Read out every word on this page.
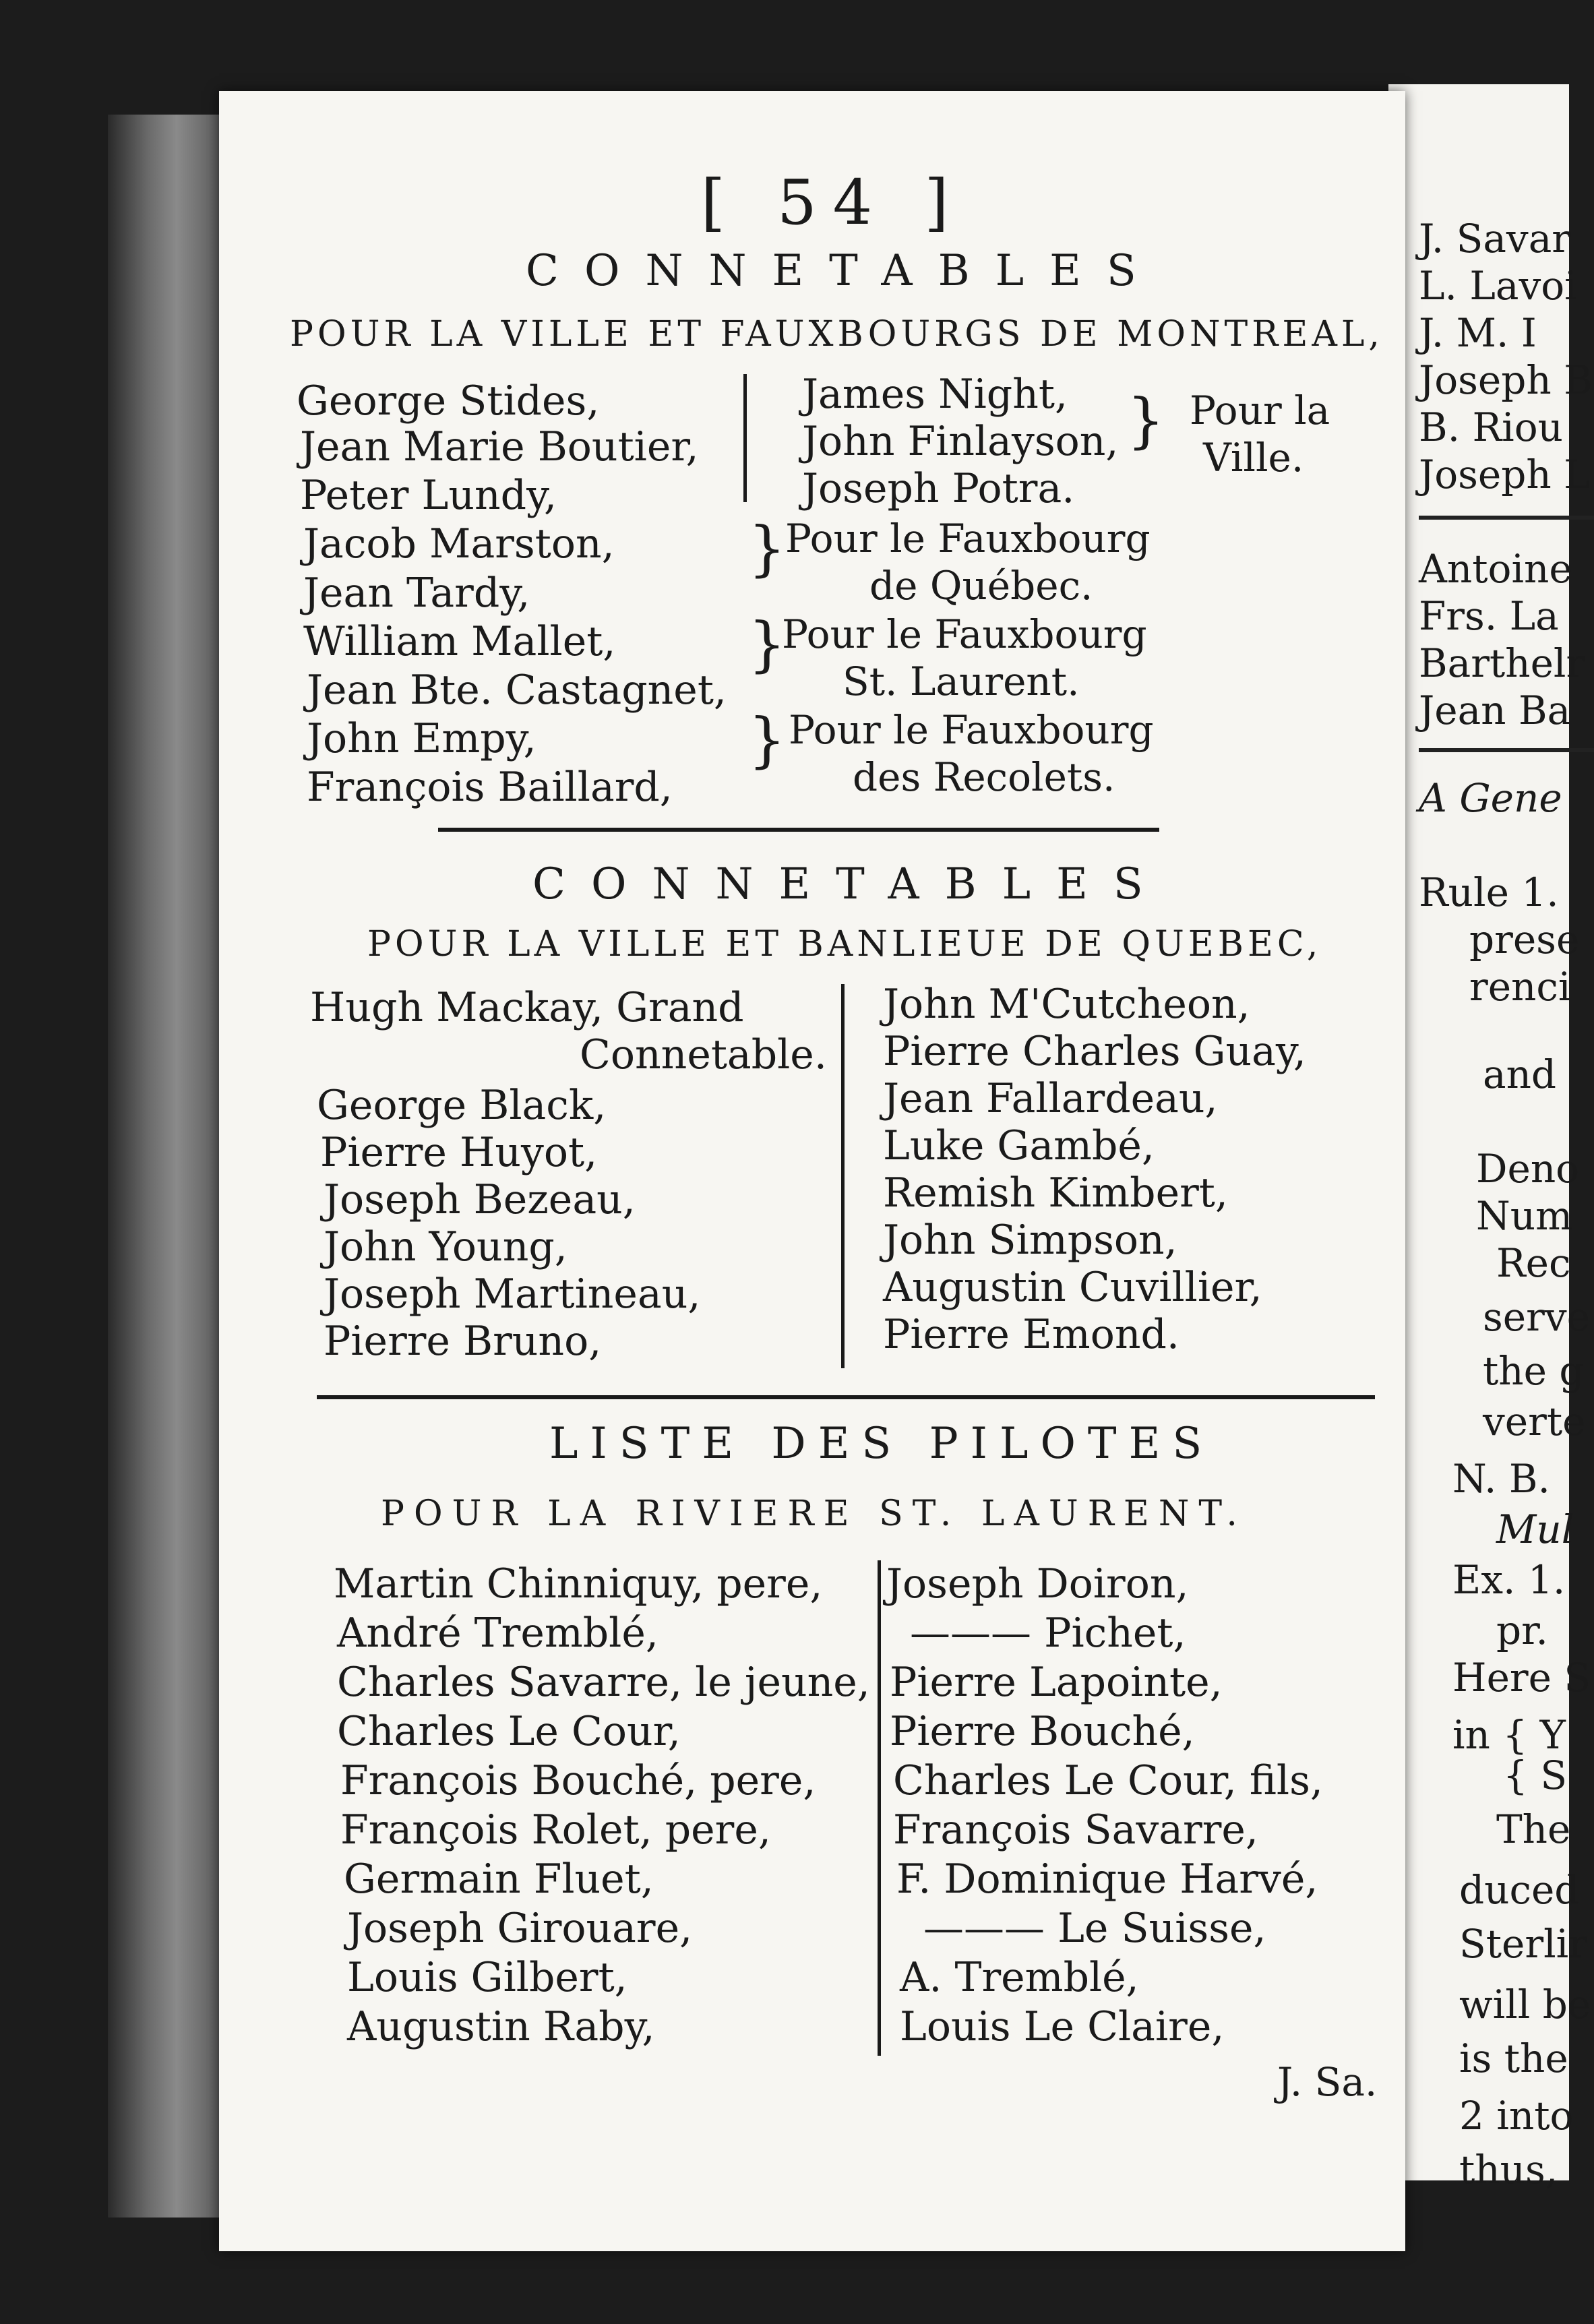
J. Savar
L. Lavoi
J. M. I
Joseph B
B. Riou
Joseph L
Antoine
Frs. La
Barthelr
Jean Ba
A Gene
Rule 1.
prese
renci
and
Deno
Num
Rec
serve
the g
verte
N. B.
Mul
Ex. 1.
pr.
Here S
in { Y
{ S
The
duced
Sterlir
will be
is the
2 into
thus,
[ 54 ]
CONNETABLES
POUR LA VILLE ET FAUXBOURGS DE MONTREAL,
George Stides,
Jean Marie Boutier,
Peter Lundy,
Jacob Marston,
Jean Tardy,
William Mallet,
Jean Bte. Castagnet,
John Empy,
François Baillard,
James Night,
John Finlayson,
Joseph Potra.
} Pour la
Ville.
} Pour le Fauxbourg
de Québec.
}
Pour le Fauxbourg
St. Laurent.
} Pour le Fauxbourg
des Recolets.
CONNETABLES
POUR LA VILLE ET BANLIEUE DE QUEBEC,
Hugh Mackay, Grand
Connetable.
George Black,
Pierre Huyot,
Joseph Bezeau,
John Young,
Joseph Martineau,
Pierre Bruno,
John M'Cutcheon,
Pierre Charles Guay,
Jean Fallardeau,
Luke Gambé,
Remish Kimbert,
John Simpson,
Augustin Cuvillier,
Pierre Emond.
LISTE DES PILOTES
POUR LA RIVIERE ST. LAURENT.
Martin Chinniquy, pere,
André Tremblé,
Charles Savarre, le jeune,
Charles Le Cour,
François Bouché, pere,
François Rolet, pere,
Germain Fluet,
Joseph Girouare,
Louis Gilbert,
Augustin Raby,
Joseph Doiron,
——— Pichet,
Pierre Lapointe,
Pierre Bouché,
Charles Le Cour, fils,
François Savarre,
F. Dominique Harvé,
——— Le Suisse,
A. Tremblé,
Louis Le Claire,
J. Sa.
